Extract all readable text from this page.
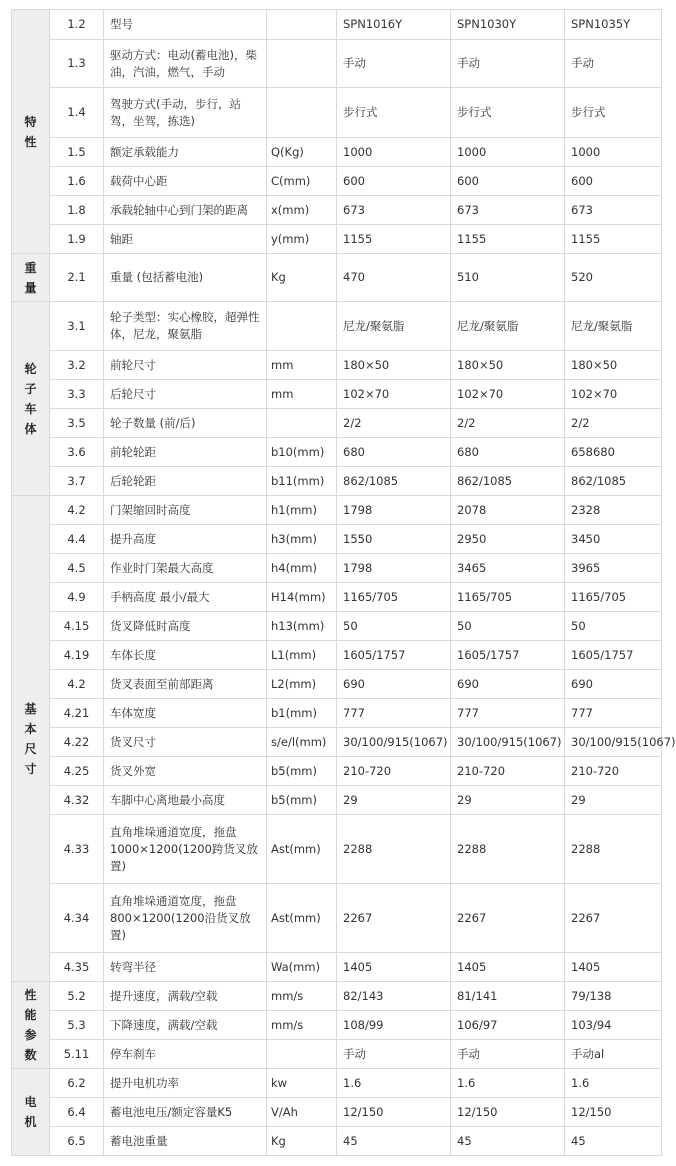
特
性	1.2	型号		SPN1016Y	SPN1030Y	SPN1035Y
	1.3	驱动方式：电动(蓄电池)，柴油，汽油，燃气，手动		手动	手动	手动
	1.4	驾驶方式(手动，步行，站驾，坐驾，拣选)		步行式	步行式	步行式
	1.5	额定承载能力	Q(Kg)	1000	1000	1000
	1.6	载荷中心距	C(mm)	600	600	600
	1.8	承载轮轴中心到门架的距离	x(mm)	673	673	673
	1.9	轴距	y(mm)	1155	1155	1155

重
量	2.1	重量 (包括蓄电池)	Kg	470	510	520

轮
子
车
体	3.1	轮子类型：实心橡胶，超弹性体，尼龙，聚氨脂		尼龙/聚氨脂	尼龙/聚氨脂	尼龙/聚氨脂
	3.2	前轮尺寸	mm	180×50	180×50	180×50
	3.3	后轮尺寸	mm	102×70	102×70	102×70
	3.5	轮子数量 (前/后)		2/2	2/2	2/2
	3.6	前轮轮距	b10(mm)	680	680	658680
	3.7	后轮轮距	b11(mm)	862/1085	862/1085	862/1085

基
本
尺
寸	4.2	门架缩回时高度	h1(mm)	1798	2078	2328
	4.4	提升高度	h3(mm)	1550	2950	3450
	4.5	作业时门架最大高度	h4(mm)	1798	3465	3965
	4.9	手柄高度 最小/最大	H14(mm)	1165/705	1165/705	1165/705
	4.15	货叉降低时高度	h13(mm)	50	50	50
	4.19	车体长度	L1(mm)	1605/1757	1605/1757	1605/1757
	4.2	货叉表面至前部距离	L2(mm)	690	690	690
	4.21	车体宽度	b1(mm)	777	777	777
	4.22	货叉尺寸	s/e/l(mm)	30/100/915(1067)	30/100/915(1067)	30/100/915(1067)
	4.25	货叉外宽	b5(mm)	210-720	210-720	210-720
	4.32	车脚中心离地最小高度	b5(mm)	29	29	29
	4.33	直角堆垛通道宽度，拖盘1000×1200(1200跨货叉放置)	Ast(mm)	2288	2288	2288
	4.34	直角堆垛通道宽度，拖盘800×1200(1200沿货叉放置)	Ast(mm)	2267	2267	2267
	4.35	转弯半径	Wa(mm)	1405	1405	1405

性
能
参
数	5.2	提升速度，满载/空载	mm/s	82/143	81/141	79/138
	5.3	下降速度，满载/空载	mm/s	108/99	106/97	103/94
	5.11	停车刹车		手动	手动	手动al

电
机	6.2	提升电机功率	kw	1.6	1.6	1.6
	6.4	蓄电池电压/额定容量K5	V/Ah	12/150	12/150	12/150
	6.5	蓄电池重量	Kg	45	45	45
